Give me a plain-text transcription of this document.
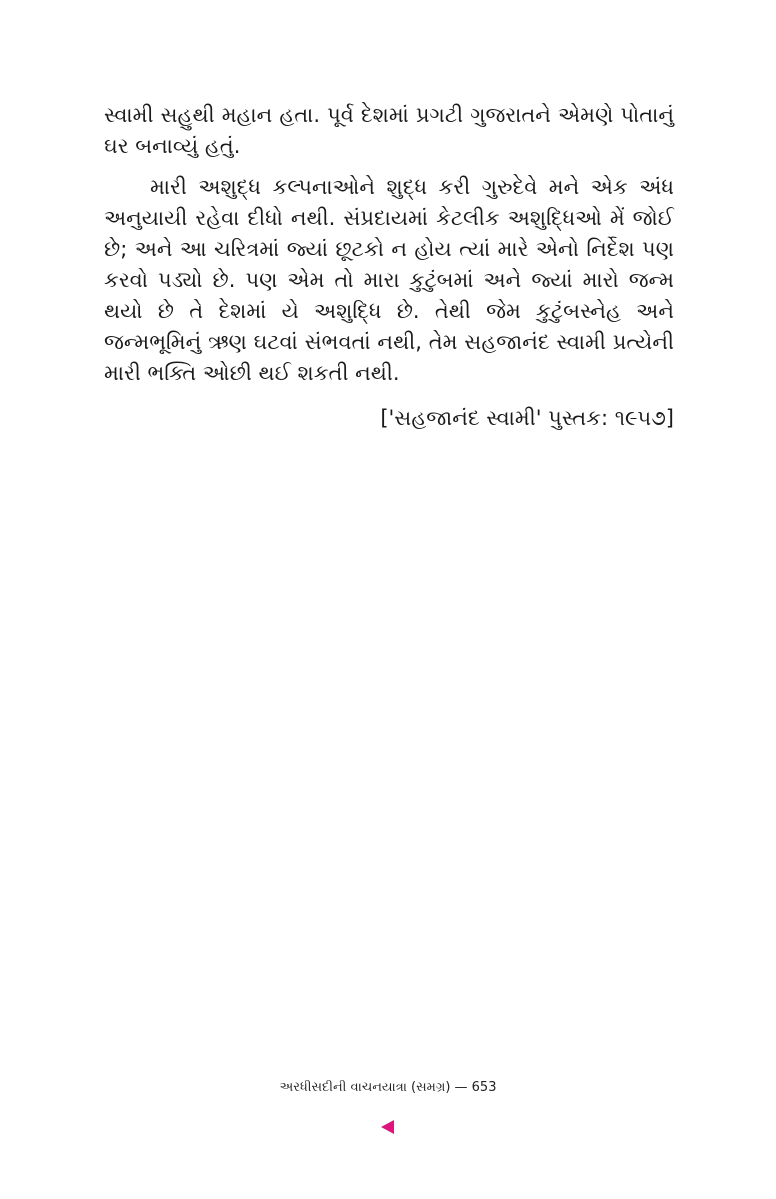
સ્વામી સહુથી મહાન હતા. પૂર્વ દેશમાં પ્રગટી ગુજરાતને એમણે પોતાનું ઘર બનાવ્યું હતું.

મારી અશુદ્ધ કલ્પનાઓને શુદ્ધ કરી ગુરુદેવે મને એક અંધ અનુયાયી રહેવા દીધો નથી. સંપ્રદાયમાં કેટલીક અશુદ્ધિઓ મેં જોઈ છે; અને આ ચરિત્રમાં જ્યાં છૂટકો ન હોય ત્યાં મારે એનો નિર્દેશ પણ કરવો પડ્યો છે. પણ એમ તો મારા કુટુંબમાં અને જ્યાં મારો જન્મ થયો છે તે દેશમાં યે અશુદ્ધિ છે. તેથી જેમ કુટુંબસ્નેહ અને જન્મભૂમિનું ઋણ ઘટવાં સંભવતાં નથી, તેમ સહજાનંદ સ્વામી પ્રત્યેની મારી ભક્તિ ઓછી થઈ શકતી નથી.

['સહજાનંદ સ્વામી' પુસ્તક: ૧૯૫૭]
અરધીસદીની વાચનયાત્રા (સમગ્ર) — 653
